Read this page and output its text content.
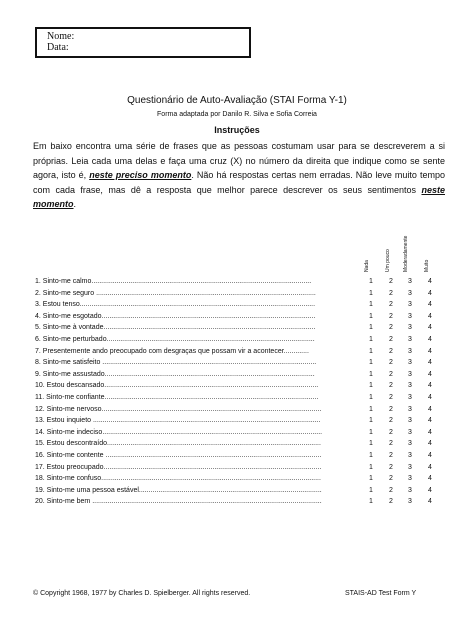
Nome:
Data:
Questionário de Auto-Avaliação (STAI Forma Y-1)
Forma adaptada por Danilo R. Silva e Sofia Correia
Instruções
Em baixo encontra uma série de frases que as pessoas costumam usar para se descreverem a si próprias. Leia cada uma delas e faça uma cruz (X) no número da direita que indique como se sente agora, isto é, neste preciso momento. Não há respostas certas nem erradas. Não leve muito tempo com cada frase, mas dê a resposta que melhor parece descrever os seus sentimentos neste momento.
Nada	Um pouco Moderadamente	Muito
1. Sinto-me calmo.................................................................................................................	1 2 3 4
2. Sinto-me seguro .................................................................................................................	1 2 3 4
3. Estou tenso.........................................................................................................................	1 2 3 4
4. Sinto-me esgotado..............................................................................................................	1 2 3 4
5. Sinto-me à vontade.............................................................................................................	1 2 3 4
6. Sinto-me perturbado...........................................................................................................	1 2 3 4
7. Presentemente ando preocupado com desgraças que possam vir a acontecer.............	1 2 3 4
8. Sinto-me satisfeito ..............................................................................................................	1 2 3 4
9. Sinto-me assustado............................................................................................................	1 2 3 4
10. Estou descansado..............................................................................................................	1 2 3 4
11. Sinto-me confiante..............................................................................................................	1 2 3 4
12. Sinto-me nervoso.................................................................................................................	1 2 3 4
13. Estou inquieto .....................................................................................................................	1 2 3 4
14. Sinto-me indeciso.................................................................................................................	1 2 3 4
15. Estou descontraído..............................................................................................................	1 2 3 4
16. Sinto-me contente ...............................................................................................................	1 2 3 4
17. Estou preocupado................................................................................................................	1 2 3 4
18. Sinto-me confuso.................................................................................................................	1 2 3 4
19. Sinto-me uma pessoa estável..............................................................................................	1 2 3 4
20. Sinto-me bem ......................................................................................................................	1 2 3 4
© Copyright 1968, 1977 by Charles D. Spielberger. All rights reserved.	STAIS-AD Test Form Y
